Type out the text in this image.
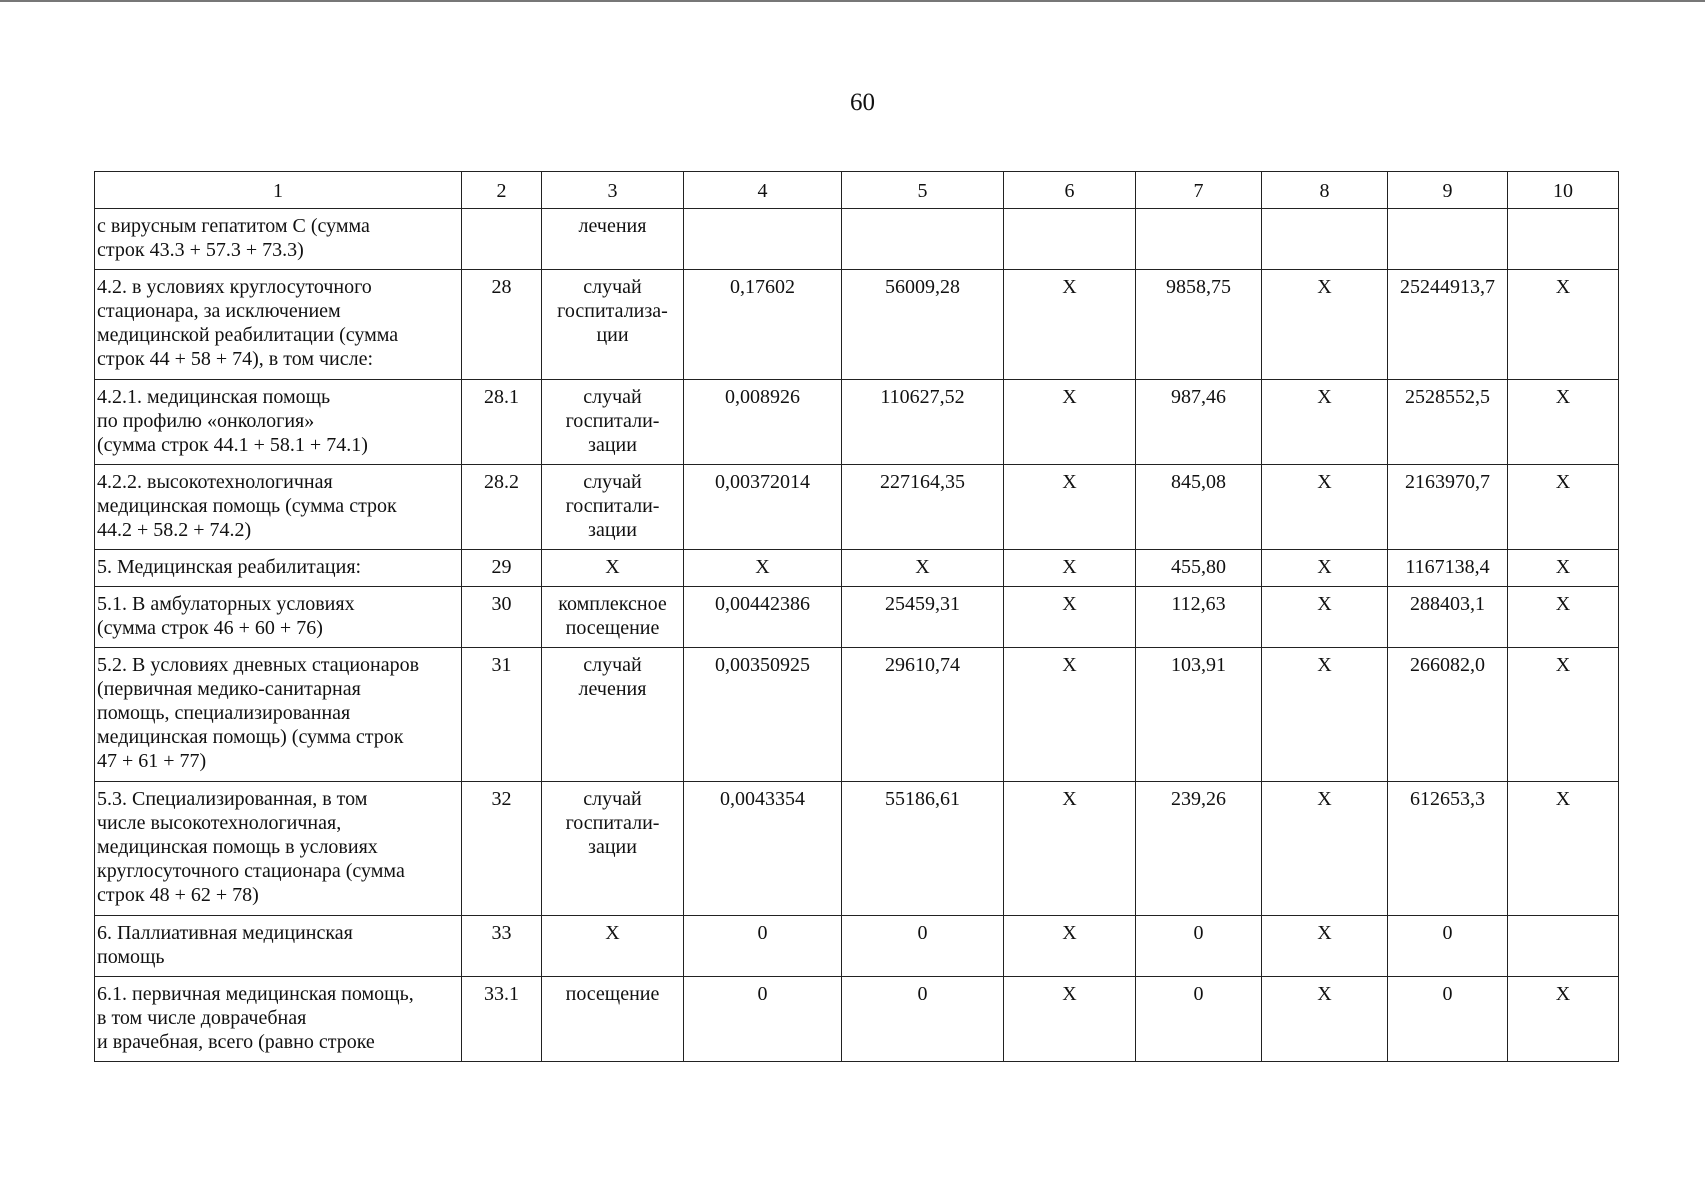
60
1	2	3	4	5	6	7	8	9	10
с вирусным гепатитом С (сумма
строк 43.3 + 57.3 + 73.3)		лечения							
4.2. в условиях круглосуточного
стационара, за исключением
медицинской реабилитации (сумма
строк 44 + 58 + 74), в том числе:	28	случай
госпитализа-
ции	0,17602	56009,28	Х	9858,75	Х	25244913,7	Х
4.2.1. медицинская помощь
по профилю «онкология»
(сумма строк 44.1 + 58.1 + 74.1)	28.1	случай
госпитали-
зации	0,008926	110627,52	Х	987,46	Х	2528552,5	Х
4.2.2. высокотехнологичная
медицинская помощь (сумма строк
44.2 + 58.2 + 74.2)	28.2	случай
госпитали-
зации	0,00372014	227164,35	Х	845,08	Х	2163970,7	Х
5. Медицинская реабилитация:	29	Х	Х	Х	Х	455,80	Х	1167138,4	Х
5.1. В амбулаторных условиях
(сумма строк 46 + 60 + 76)	30	комплексное
посещение	0,00442386	25459,31	Х	112,63	Х	288403,1	Х
5.2. В условиях дневных стационаров
(первичная медико-санитарная
помощь, специализированная
медицинская помощь) (сумма строк
47 + 61 + 77)	31	случай
лечения	0,00350925	29610,74	Х	103,91	Х	266082,0	Х
5.3. Специализированная, в том
числе высокотехнологичная,
медицинская помощь в условиях
круглосуточного стационара (сумма
строк 48 + 62 + 78)	32	случай
госпитали-
зации	0,0043354	55186,61	Х	239,26	Х	612653,3	Х
6. Паллиативная медицинская
помощь	33	Х	0	0	Х	0	Х	0	
6.1. первичная медицинская помощь,
в том числе доврачебная
и врачебная, всего (равно строке	33.1	посещение	0	0	Х	0	Х	0	Х
